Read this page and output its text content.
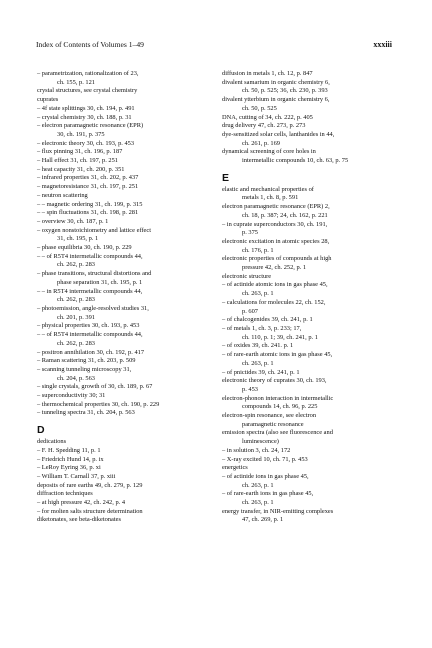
Index of Contents of Volumes 1–49	xxxiii

– parametrization, rationalization of 23,
ch. 155, p. 121

crystal structures, see crystal chemistry

cuprates

– 4f state splittings 30, ch. 194, p. 491

– crystal chemistry 30, ch. 188, p. 31

– electron paramagnetic resonance (EPR)
30, ch. 191, p. 375

– electronic theory 30, ch. 193, p. 453

– flux pinning 31, ch. 196, p. 187

– Hall effect 31, ch. 197, p. 251

– heat capacity 31, ch. 200, p. 351

– infrared properties 31, ch. 202, p. 437

– magnetoresistance 31, ch. 197, p. 251

– neutron scattering

– – magnetic ordering 31, ch. 199, p. 315

– – spin fluctuations 31, ch. 198, p. 281

– overview 30, ch. 187, p. 1

– oxygen nonstoichiometry and lattice effect
31, ch. 195, p. 1

– phase equilibria 30, ch. 190, p. 229

– – of R5T4 intermetallic compounds 44,
ch. 262, p. 283

– phase transitions, structural distortions and
phase separation 31, ch. 195, p. 1

– – in R5T4 intermetallic compounds 44,
ch. 262, p. 283

– photoemission, angle-resolved studies 31,
ch. 201, p. 391

– physical properties 30, ch. 193, p. 453

– – of R5T4 intermetallic compounds 44,
ch. 262, p. 283

– positron annihilation 30, ch. 192, p. 417

– Raman scattering 31, ch. 203, p. 509

– scanning tunneling microscopy 31,
ch. 204, p. 563

– single crystals, growth of 30, ch. 189, p. 67

– superconductivity 30; 31

– thermochemical properties 30, ch. 190, p. 229

– tunneling spectra 31, ch. 204, p. 563

D

dedications

– F. H. Spedding 11, p. 1

– Friedrich Hund 14, p. ix

– LeRoy Eyring 36, p. xi

– William T. Carnall 37, p. xiii

deposits of rare earths 49, ch. 279, p. 129

diffraction techniques

– at high pressure 42, ch. 242, p. 4

– for molten salts structure determination

diketonates, see beta-diketonates

diffusion in metals 1, ch. 12, p. 847

divalent samarium in organic chemistry 6,
ch. 50, p. 525; 36, ch. 230, p. 393

divalent ytterbium in organic chemistry 6,
ch. 50, p. 525

DNA, cutting of 34, ch. 222, p. 405

drug delivery 47, ch. 273, p. 273

dye-sensitized solar cells, lanthanides in 44,
ch. 261, p. 169

dynamical screening of core holes in
intermetallic compounds 10, ch. 63, p. 75

E

elastic and mechanical properties of
metals 1, ch. 8, p. 591

electron paramagnetic resonance (EPR) 2,
ch. 18, p. 387; 24, ch. 162, p. 221

– in cuprate superconductors 30, ch. 191,
p. 375

electronic excitation in atomic species 28,
ch. 176, p. 1

electronic properties of compounds at high
pressure 42, ch. 252, p. 1

electronic structure

– of actinide atomic ions in gas phase 45,
ch. 263, p. 1

– calculations for molecules 22, ch. 152,
p. 607

– of chalcogenides 39, ch. 241, p. 1

– of metals 1, ch. 3, p. 233; 17,
ch. 110, p. 1; 39, ch. 241, p. 1

– of oxides 39, ch. 241. p. 1

– of rare-earth atomic ions in gas phase 45,
ch. 263, p. 1

– of pnictides 39, ch. 241, p. 1

electronic theory of cuprates 30, ch. 193,
p. 453

electron-phonon interaction in intermetallic
compounds 14, ch. 96, p. 225

electron-spin resonance, see electron
paramagnetic resonance

emission spectra (also see fluorescence and
luminescence)

– in solution 3, ch. 24, 172

– X-ray excited 10, ch. 71, p. 453

energetics

– of actinide ions in gas phase 45,
ch. 263, p. 1

– of rare-earth ions in gas phase 45,
ch. 263, p. 1

energy transfer, in NIR-emitting complexes
47, ch. 269, p. 1
